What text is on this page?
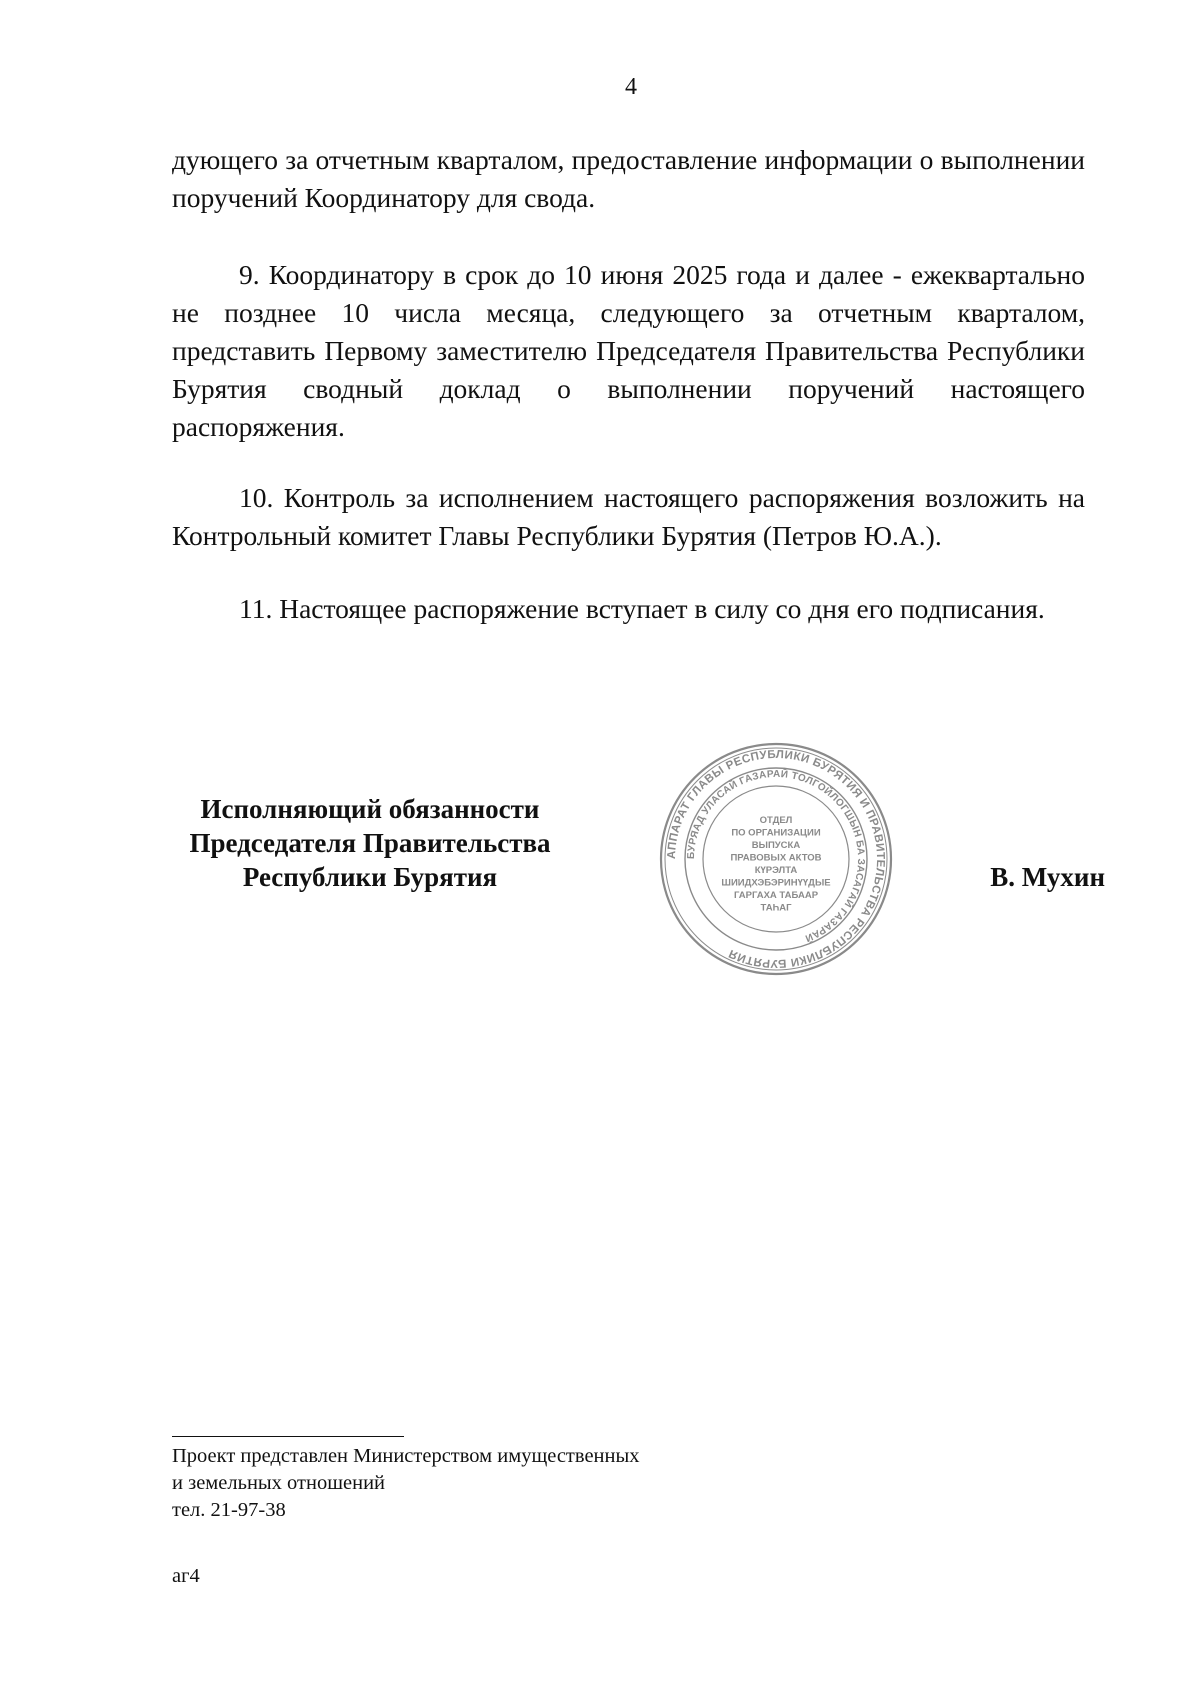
4

дующего за отчетным кварталом, предоставление информации о выполнении поручений Координатору для свода.

9. Координатору в срок до 10 июня 2025 года и далее - ежеквартально не позднее 10 числа месяца, следующего за отчетным кварталом, представить Первому заместителю Председателя Правительства Республики Бурятия сводный доклад о выполнении поручений настоящего распоряжения.

10. Контроль за исполнением настоящего распоряжения возложить на Контрольный комитет Главы Республики Бурятия (Петров Ю.А.).

11. Настоящее распоряжение вступает в силу со дня его подписания.

Исполняющий обязанности
Председателя Правительства
Республики Бурятия
АППАРАТ ГЛАВЫ РЕСПУБЛИКИ БУРЯТИЯ И ПРАВИТЕЛЬСТВА РЕСПУБЛИКИ БУРЯТИЯ
БУРЯАД УЛАСАЙ ГАЗАРАЙ ТОЛГОЙЛОГШЫН БА ЗАСАГАЙ ГАЗАРАЙ
ОТДЕЛ
ПО ОРГАНИЗАЦИИ
ВЫПУСКА
ПРАВОВЫХ АКТОВ
КҮРЭЛТА
ШИИДХЭБЭРИНҮҮДЫЕ
ГАРГАХА ТАБААР
ТАҺАГ
В. Мухин
Проект представлен Министерством имущественных
и земельных отношений
тел. 21-97-38
аг4
